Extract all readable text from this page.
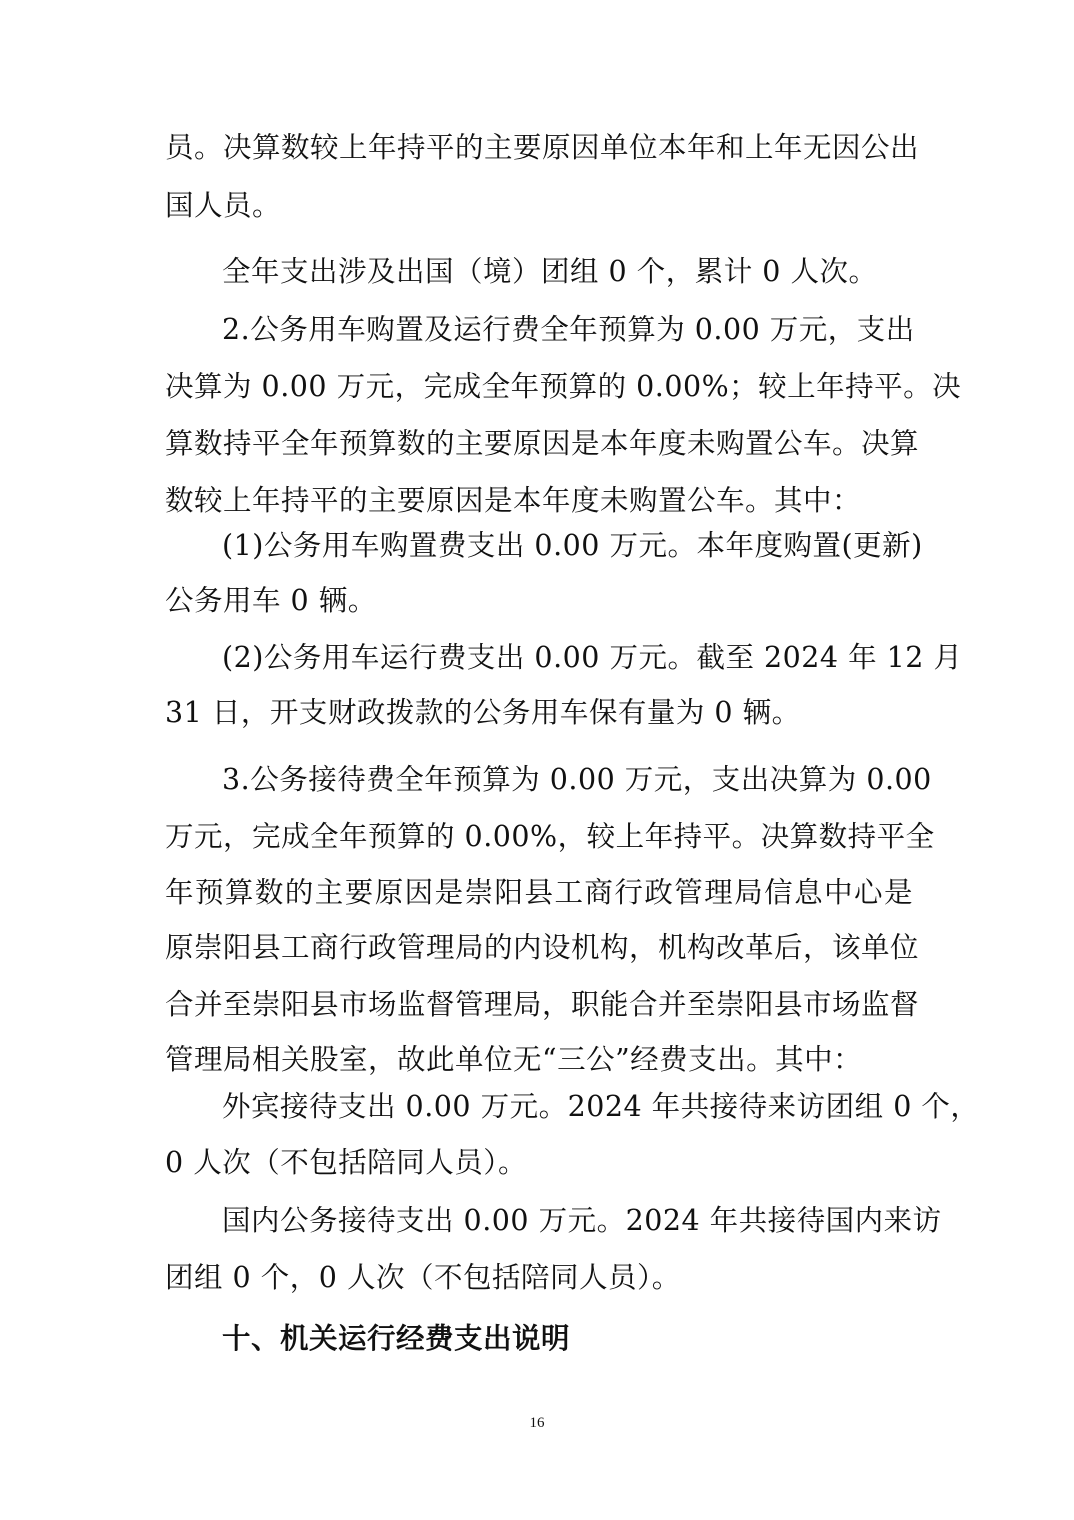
员。决算数较上年持平的主要原因单位本年和上年无因公出
国人员。
全年支出涉及出国（境）团组 0 个，累计 0 人次。
2.公务用车购置及运行费全年预算为 0.00 万元，支出
决算为 0.00 万元，完成全年预算的 0.00%；较上年持平。决
算数持平全年预算数的主要原因是本年度未购置公车。决算
数较上年持平的主要原因是本年度未购置公车。其中：
(1)公务用车购置费支出 0.00 万元。本年度购置(更新)
公务用车 0 辆。
(2)公务用车运行费支出 0.00 万元。截至 2024 年 12 月
31 日，开支财政拨款的公务用车保有量为 0 辆。
3.公务接待费全年预算为 0.00 万元，支出决算为 0.00
万元，完成全年预算的 0.00%，较上年持平。决算数持平全
年预算数的主要原因是崇阳县工商行政管理局信息中心是
原崇阳县工商行政管理局的内设机构，机构改革后，该单位
合并至崇阳县市场监督管理局，职能合并至崇阳县市场监督
管理局相关股室，故此单位无“三公”经费支出。其中：
外宾接待支出 0.00 万元。2024 年共接待来访团组 0 个，
0 人次（不包括陪同人员）。
国内公务接待支出 0.00 万元。2024 年共接待国内来访
团组 0 个，0 人次（不包括陪同人员）。
十、机关运行经费支出说明
16
